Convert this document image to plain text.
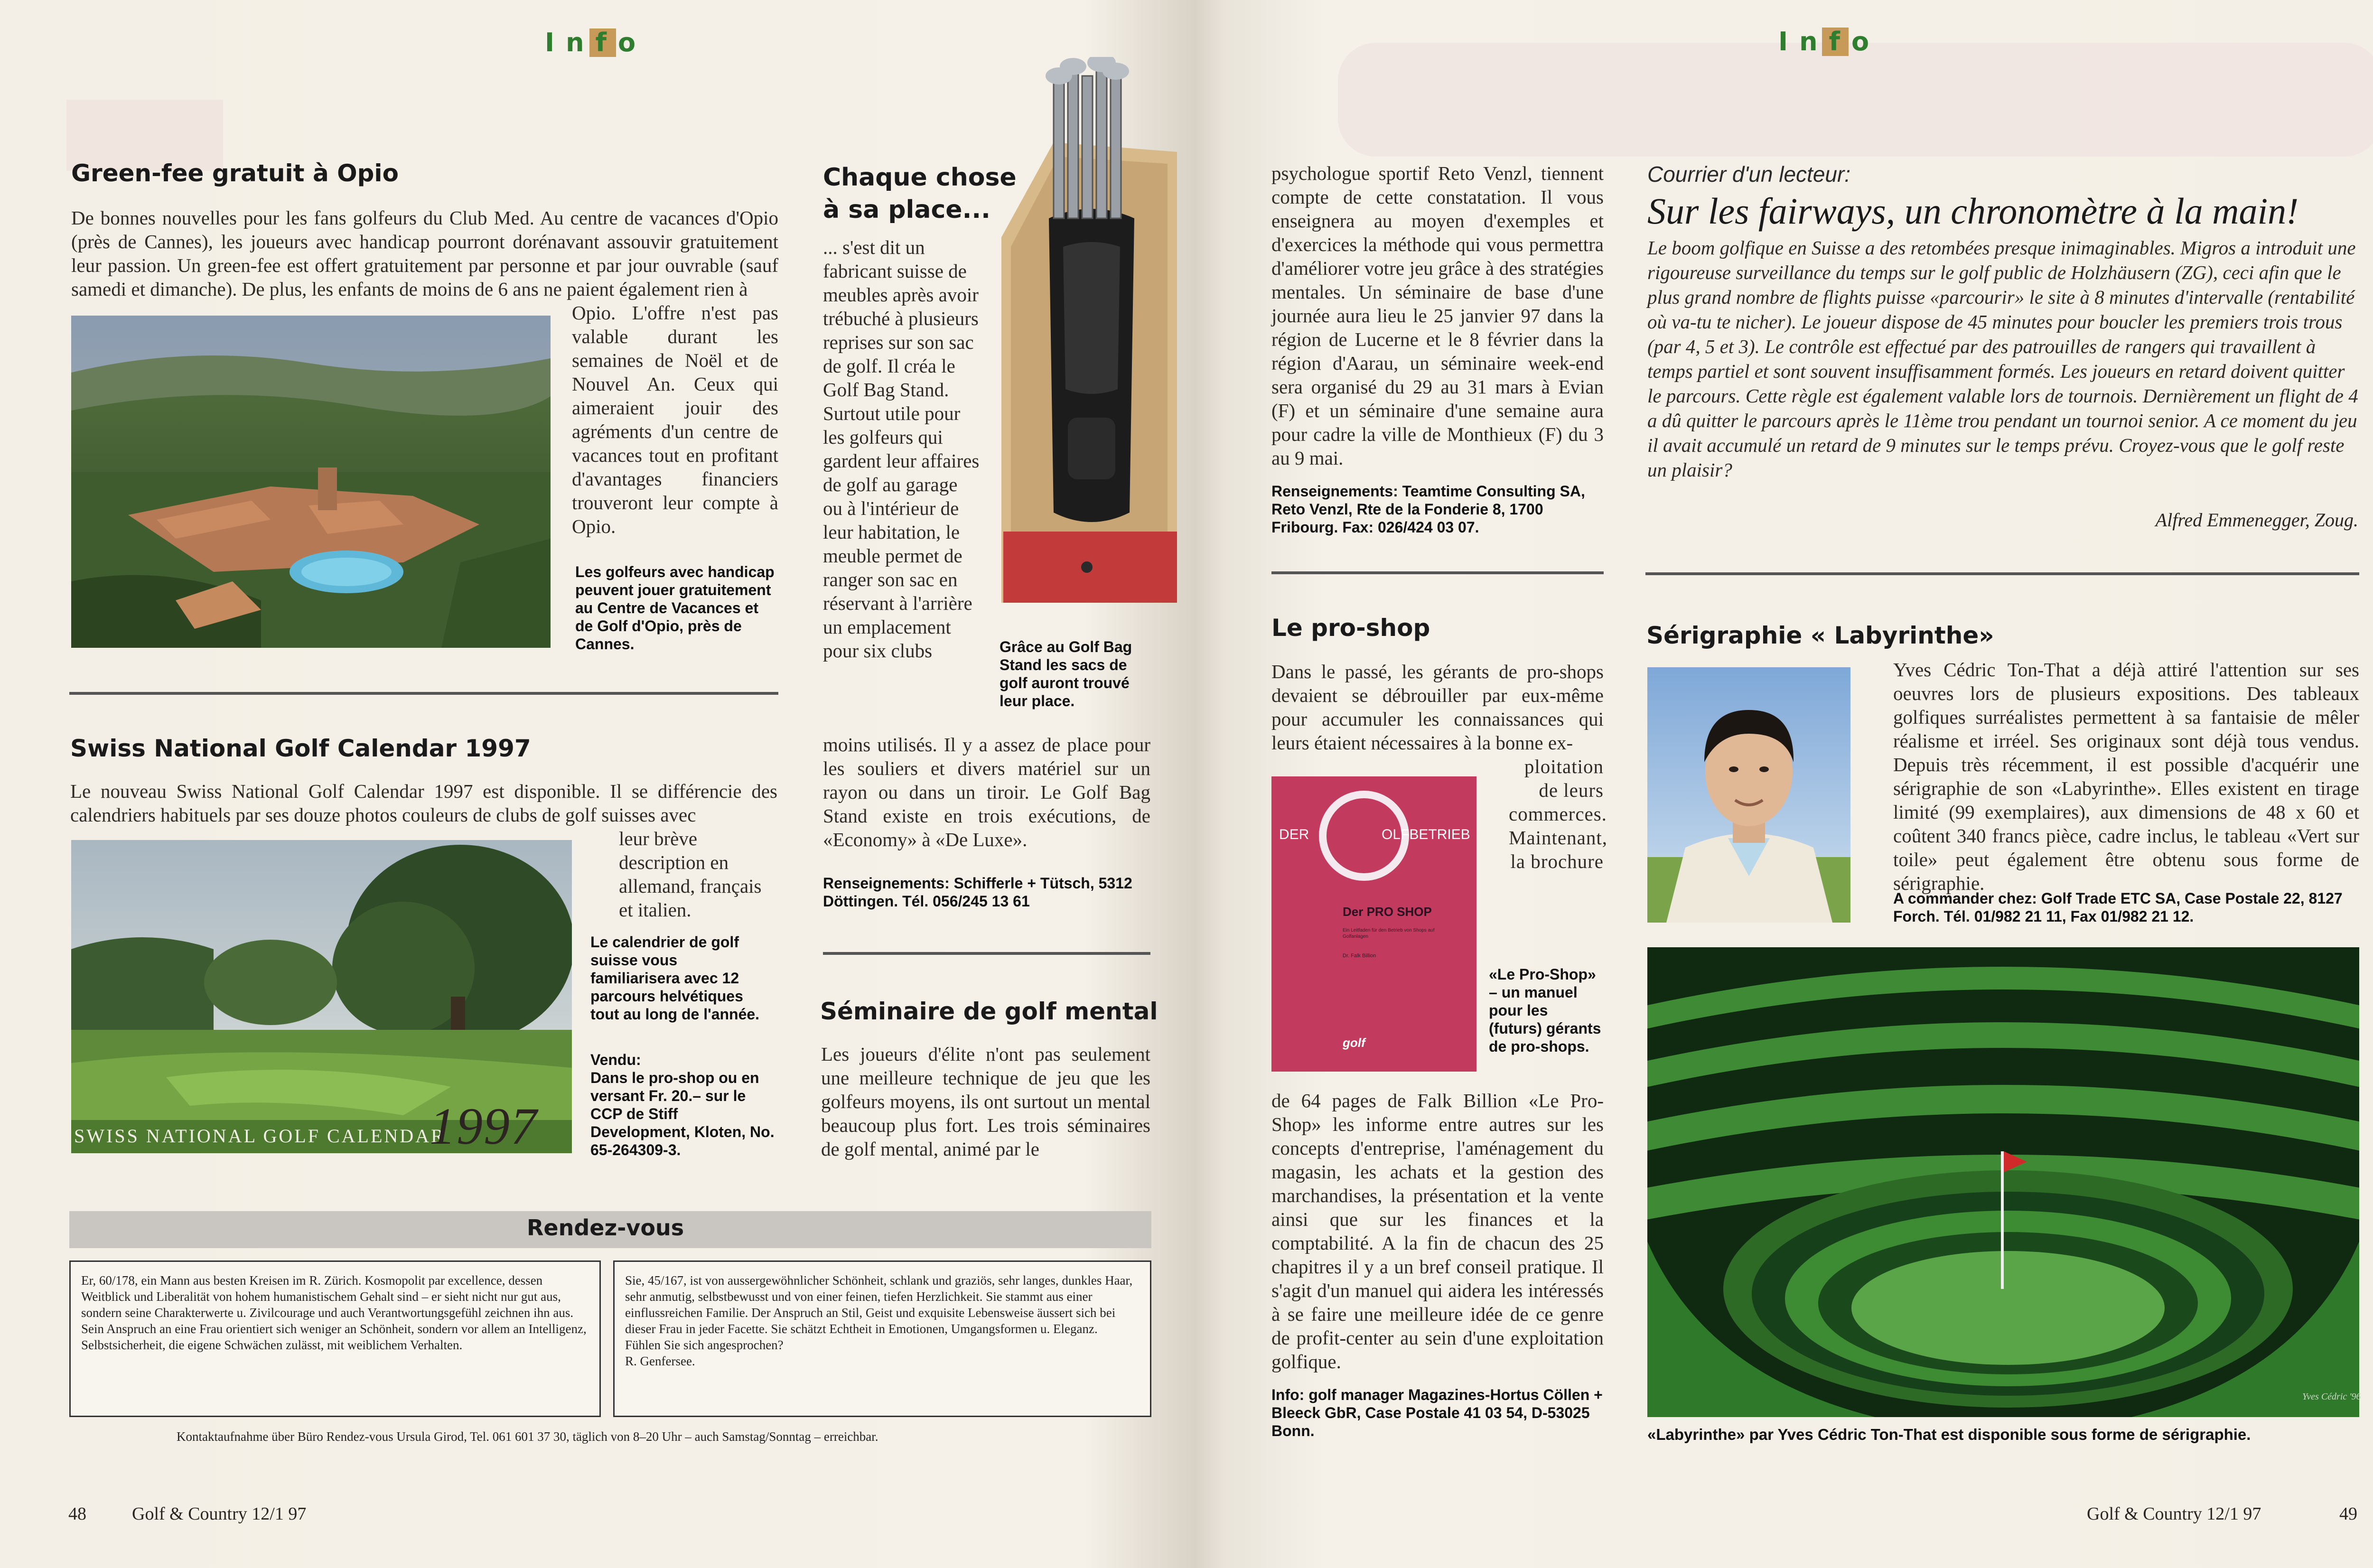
Info
Green-fee gratuit à Opio
De bonnes nouvelles pour les fans golfeurs du Club Med. Au centre de vacances d'Opio (près de Cannes), les joueurs avec handicap pourront dorénavant assouvir gratuitement leur passion. Un green-fee est offert gratuitement par personne et par jour ouvrable (sauf samedi et dimanche). De plus, les enfants de moins de 6 ans ne paient également rien à
Opio. L'offre n'est pas valable durant les semaines de Noël et de Nouvel An. Ceux qui aimeraient jouir des agréments d'un centre de vacances tout en profitant d'avantages financiers trouveront leur compte à Opio.
Les golfeurs avec handicap peuvent jouer gratuitement au Centre de Vacances et de Golf d'Opio, près de Cannes.
Swiss National Golf Calendar 1997
Le nouveau Swiss National Golf Calendar 1997 est disponible. Il se différencie des calendriers habituels par ses douze photos couleurs de clubs de golf suisses avec
SWISS NATIONAL GOLF CALENDAR
1997
leur brève description en allemand, français et italien.
Le calendrier de golf suisse vous familiarisera avec 12 parcours helvétiques tout au long de l'année.
Vendu:
Dans le pro-shop ou en versant Fr. 20.– sur le CCP de Stiff Development, Kloten, No. 65-264309-3.
Chaque chose à sa place...
... s'est dit un fabricant suisse de meubles après avoir trébuché à plusieurs reprises sur son sac de golf. Il créa le Golf Bag Stand. Surtout utile pour les golfeurs qui gardent leur affaires de golf au garage ou à l'intérieur de leur habitation, le meuble permet de ranger son sac en réservant à l'arrière un emplacement pour six clubs
moins utilisés. Il y a assez de place pour les souliers et divers matériel sur un rayon ou dans un tiroir. Le Golf Bag Stand existe en trois exécutions, de «Economy» à «De Luxe».
Grâce au Golf Bag Stand les sacs de golf auront trouvé leur place.
Renseignements: Schifferle + Tütsch, 5312 Döttingen. Tél. 056/245 13 61
Séminaire de golf mental
Les joueurs d'élite n'ont pas seulement une meilleure technique de jeu que les golfeurs moyens, ils ont surtout un mental beaucoup plus fort. Les trois séminaires de golf mental, animé par le
Rendez-vous
Er, 60/178, ein Mann aus besten Kreisen im R. Zürich. Kosmopolit par excellence, dessen Weitblick und Liberalität von hohem humanistischem Gehalt sind – er sieht nicht nur gut aus, sondern seine Charakterwerte u. Zivilcourage und auch Verantwortungsgefühl zeichnen ihn aus. Sein Anspruch an eine Frau orientiert sich weniger an Schönheit, sondern vor allem an Intelligenz, Selbstsicherheit, die eigene Schwächen zulässt, mit weiblichem Verhalten.
Sie, 45/167, ist von aussergewöhnlicher Schönheit, schlank und graziös, sehr langes, dunkles Haar, sehr anmutig, selbstbewusst und von einer feinen, tiefen Herzlichkeit. Sie stammt aus einer einflussreichen Familie. Der Anspruch an Stil, Geist und exquisite Lebensweise äussert sich bei dieser Frau in jeder Facette. Sie schätzt Echtheit in Emotionen, Umgangsformen u. Eleganz.
Fühlen Sie sich angesprochen?
R. Genfersee.
Kontaktaufnahme über Büro Rendez-vous Ursula Girod, Tel. 061 601 37 30, täglich von 8–20 Uhr – auch Samstag/Sonntag – erreichbar.
48	Golf & Country 12/1 97
Info
psychologue sportif Reto Venzl, tiennent compte de cette constatation. Il vous enseignera au moyen d'exemples et d'exercices la méthode qui vous permettra d'améliorer votre jeu grâce à des stratégies mentales. Un séminaire de base d'une journée aura lieu le 25 janvier 97 dans la région de Lucerne et le 8 février dans la région d'Aarau, un séminaire week-end sera organisé du 29 au 31 mars à Evian (F) et un séminaire d'une semaine aura pour cadre la ville de Monthieux (F) du 3 au 9 mai.
Renseignements: Teamtime Consulting SA, Reto Venzl, Rte de la Fonderie 8, 1700 Fribourg. Fax: 026/424 03 07.
Le pro-shop
Dans le passé, les gérants de pro-shops devaient se débrouiller par eux-même pour accumuler les connaissances qui leurs étaient nécessaires à la bonne ex-
DER	OLFBETRIEB
Der PRO SHOP
Ein Leitfaden für den Betrieb von Shops auf Golfanlagen
Dr. Falk Billion
golf
ploitation de leurs commerces. Maintenant, la brochure
«Le Pro-Shop» – un manuel pour les (futurs) gérants de pro-shops.
de 64 pages de Falk Billion «Le Pro-Shop» les informe entre autres sur les concepts d'entreprise, l'aménagement du magasin, les achats et la gestion des marchandises, la présentation et la vente ainsi que sur les finances et la comptabilité. A la fin de chacun des 25 chapitres il y a un bref conseil pratique. Il s'agit d'un manuel qui aidera les intéressés à se faire une meilleure idée de ce genre de profit-center au sein d'une exploitation golfique.
Info: golf manager Magazines-Hortus Cöllen + Bleeck GbR, Case Postale 41 03 54, D-53025 Bonn.
Courrier d'un lecteur:
Sur les fairways, un chronomètre à la main!
Le boom golfique en Suisse a des retombées presque inimaginables. Migros a introduit une rigoureuse surveillance du temps sur le golf public de Holzhäusern (ZG), ceci afin que le plus grand nombre de flights puisse «parcourir» le site à 8 minutes d'intervalle (rentabilité où va-tu te nicher). Le joueur dispose de 45 minutes pour boucler les premiers trois trous (par 4, 5 et 3). Le contrôle est effectué par des patrouilles de rangers qui travaillent à temps partiel et sont souvent insuffisamment formés. Les joueurs en retard doivent quitter le parcours. Cette règle est également valable lors de tournois. Dernièrement un flight de 4 a dû quitter le parcours après le 11ème trou pendant un tournoi senior. A ce moment du jeu il avait accumulé un retard de 9 minutes sur le temps prévu. Croyez-vous que le golf reste un plaisir?
Alfred Emmenegger, Zoug.
Sérigraphie « Labyrinthe»
Yves Cédric Ton-That a déjà attiré l'attention sur ses oeuvres lors de plusieurs expositions. Des tableaux golfiques surréalistes permettent à sa fantaisie de mêler réalisme et irréel. Ses originaux sont déjà tous vendus. Depuis très récemment, il est possible d'acquérir une sérigraphie de son «Labyrinthe». Elles existent en tirage limité (99 exemplaires), aux dimensions de 48 x 60 et coûtent 340 francs pièce, cadre inclus, le tableau «Vert sur toile» peut également être obtenu sous forme de sérigraphie.
A commander chez: Golf Trade ETC SA, Case Postale 22, 8127 Forch. Tél. 01/982 21 11, Fax 01/982 21 12.
Yves Cédric '96
«Labyrinthe» par Yves Cédric Ton-That est disponible sous forme de sérigraphie.
Golf & Country 12/1 97	49
